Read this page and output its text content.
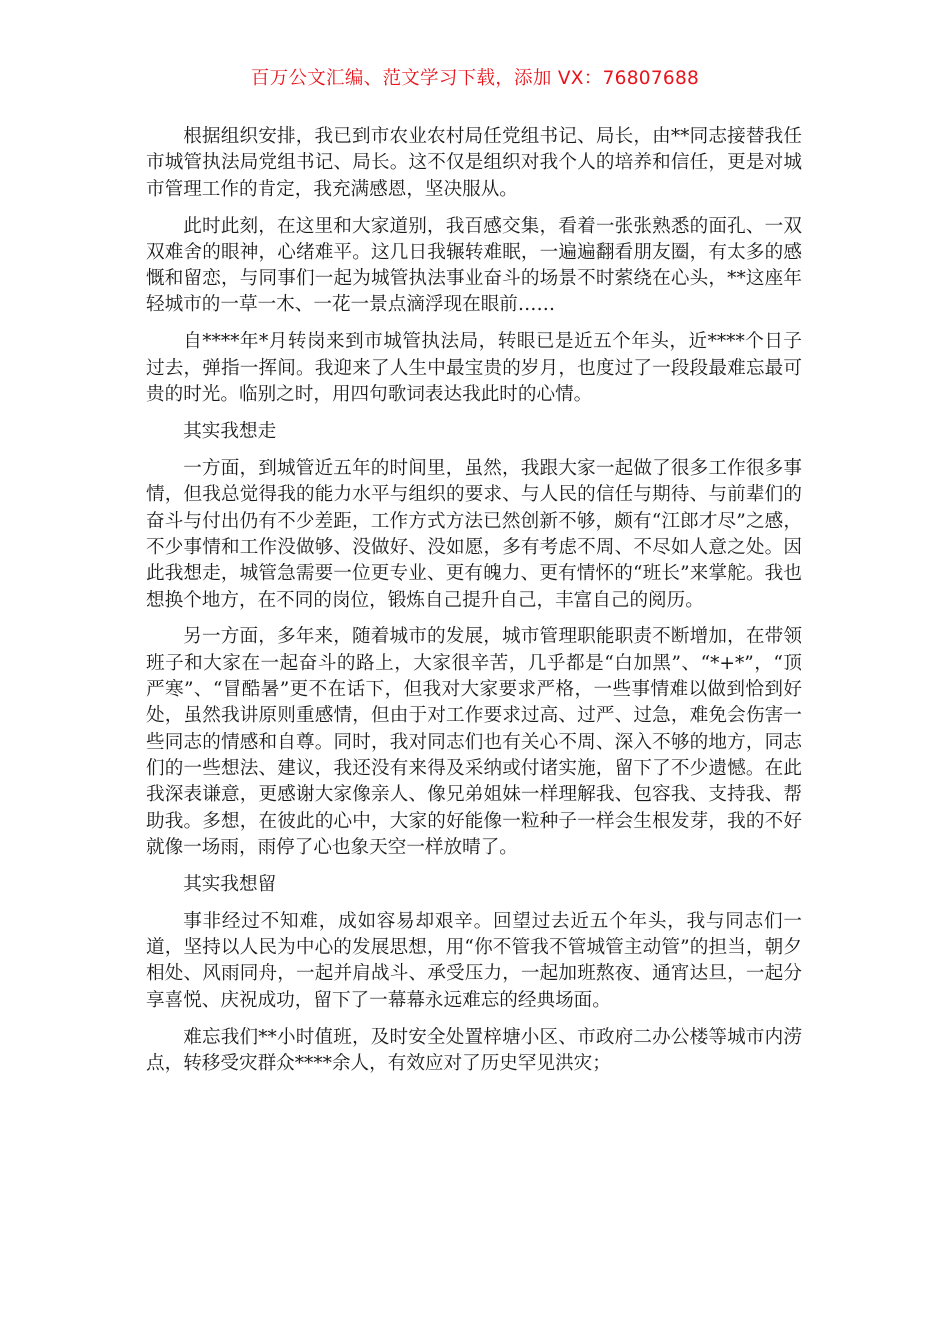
百万公文汇编、范文学习下载，添加 VX：76807688

根据组织安排，我已到市农业农村局任党组书记、局长，由**同志接替我任市城管执法局党组书记、局长。这不仅是组织对我个人的培养和信任，更是对城市管理工作的肯定，我充满感恩，坚决服从。

此时此刻，在这里和大家道别，我百感交集，看着一张张熟悉的面孔、一双双难舍的眼神，心绪难平。这几日我辗转难眠，一遍遍翻看朋友圈，有太多的感慨和留恋，与同事们一起为城管执法事业奋斗的场景不时萦绕在心头，**这座年轻城市的一草一木、一花一景点滴浮现在眼前……

自****年*月转岗来到市城管执法局，转眼已是近五个年头，近****个日子过去，弹指一挥间。我迎来了人生中最宝贵的岁月，也度过了一段段最难忘最可贵的时光。临别之时，用四句歌词表达我此时的心情。

其实我想走

一方面，到城管近五年的时间里，虽然，我跟大家一起做了很多工作很多事情，但我总觉得我的能力水平与组织的要求、与人民的信任与期待、与前辈们的奋斗与付出仍有不少差距，工作方式方法已然创新不够，颇有“江郎才尽”之感，不少事情和工作没做够、没做好、没如愿，多有考虑不周、不尽如人意之处。因此我想走，城管急需要一位更专业、更有魄力、更有情怀的“班长”来掌舵。我也想换个地方，在不同的岗位，锻炼自己提升自己，丰富自己的阅历。

另一方面，多年来，随着城市的发展，城市管理职能职责不断增加，在带领班子和大家在一起奋斗的路上，大家很辛苦，几乎都是“白加黑”、“*+*”，“顶严寒”、“冒酷暑”更不在话下，但我对大家要求严格，一些事情难以做到恰到好处，虽然我讲原则重感情，但由于对工作要求过高、过严、过急，难免会伤害一些同志的情感和自尊。同时，我对同志们也有关心不周、深入不够的地方，同志们的一些想法、建议，我还没有来得及采纳或付诸实施，留下了不少遗憾。在此我深表谦意，更感谢大家像亲人、像兄弟姐妹一样理解我、包容我、支持我、帮助我。多想，在彼此的心中，大家的好能像一粒种子一样会生根发芽，我的不好就像一场雨，雨停了心也象天空一样放晴了。

其实我想留

事非经过不知难，成如容易却艰辛。回望过去近五个年头，我与同志们一道，坚持以人民为中心的发展思想，用“你不管我不管城管主动管”的担当，朝夕相处、风雨同舟，一起并肩战斗、承受压力，一起加班熬夜、通宵达旦，一起分享喜悦、庆祝成功，留下了一幕幕永远难忘的经典场面。

难忘我们**小时值班，及时安全处置梓塘小区、市政府二办公楼等城市内涝点，转移受灾群众****余人，有效应对了历史罕见洪灾；
